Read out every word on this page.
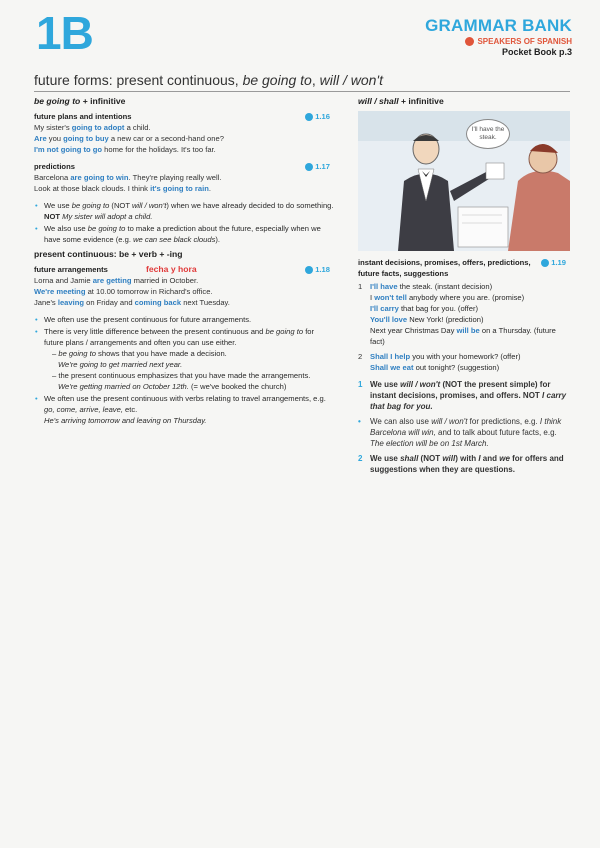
1B	GRAMMAR BANK
SPEAKERS OF SPANISH
Pocket Book p.3
future forms: present continuous, be going to, will / won't
be going to + infinitive
future plans and intentions	1.16
My sister's going to adopt a child.
Are you going to buy a new car or a second-hand one?
I'm not going to go home for the holidays. It's too far.
predictions	1.17
Barcelona are going to win. They're playing really well.
Look at those black clouds. I think it's going to rain.
• We use be going to (NOT will / won't) when we have already decided to do something. NOT My sister will adopt a child.
• We also use be going to to make a prediction about the future, especially when we have some evidence (e.g. we can see black clouds).
present continuous: be + verb + -ing
future arrangements	fecha y hora	1.18
Lorna and Jamie are getting married in October.
We're meeting at 10.00 tomorrow in Richard's office.
Jane's leaving on Friday and coming back next Tuesday.
• We often use the present continuous for future arrangements.
• There is very little difference between the present continuous and be going to for future plans / arrangements and often you can use either.
– be going to shows that you have made a decision.
We're going to get married next year.
– the present continuous emphasizes that you have made the arrangements.
We're getting married on October 12th. (= we've booked the church)
• We often use the present continuous with verbs relating to travel arrangements, e.g. go, come, arrive, leave, etc.
He's arriving tomorrow and leaving on Thursday.
will / shall + infinitive
I'll have the steak.
instant decisions, promises, offers, predictions, future facts, suggestions
1.19
1 I'll have the steak. (instant decision)
I won't tell anybody where you are. (promise)
I'll carry that bag for you. (offer)
You'll love New York! (prediction)
Next year Christmas Day will be on a Thursday. (future fact)
2 Shall I help you with your homework? (offer)
Shall we eat out tonight? (suggestion)
1 We use will / won't (NOT the present simple) for instant decisions, promises, and offers. NOT I carry that bag for you.
• We can also use will / won't for predictions, e.g. I think Barcelona will win, and to talk about future facts, e.g. The election will be on 1st March.
2 We use shall (NOT will) with I and we for offers and suggestions when they are questions.
